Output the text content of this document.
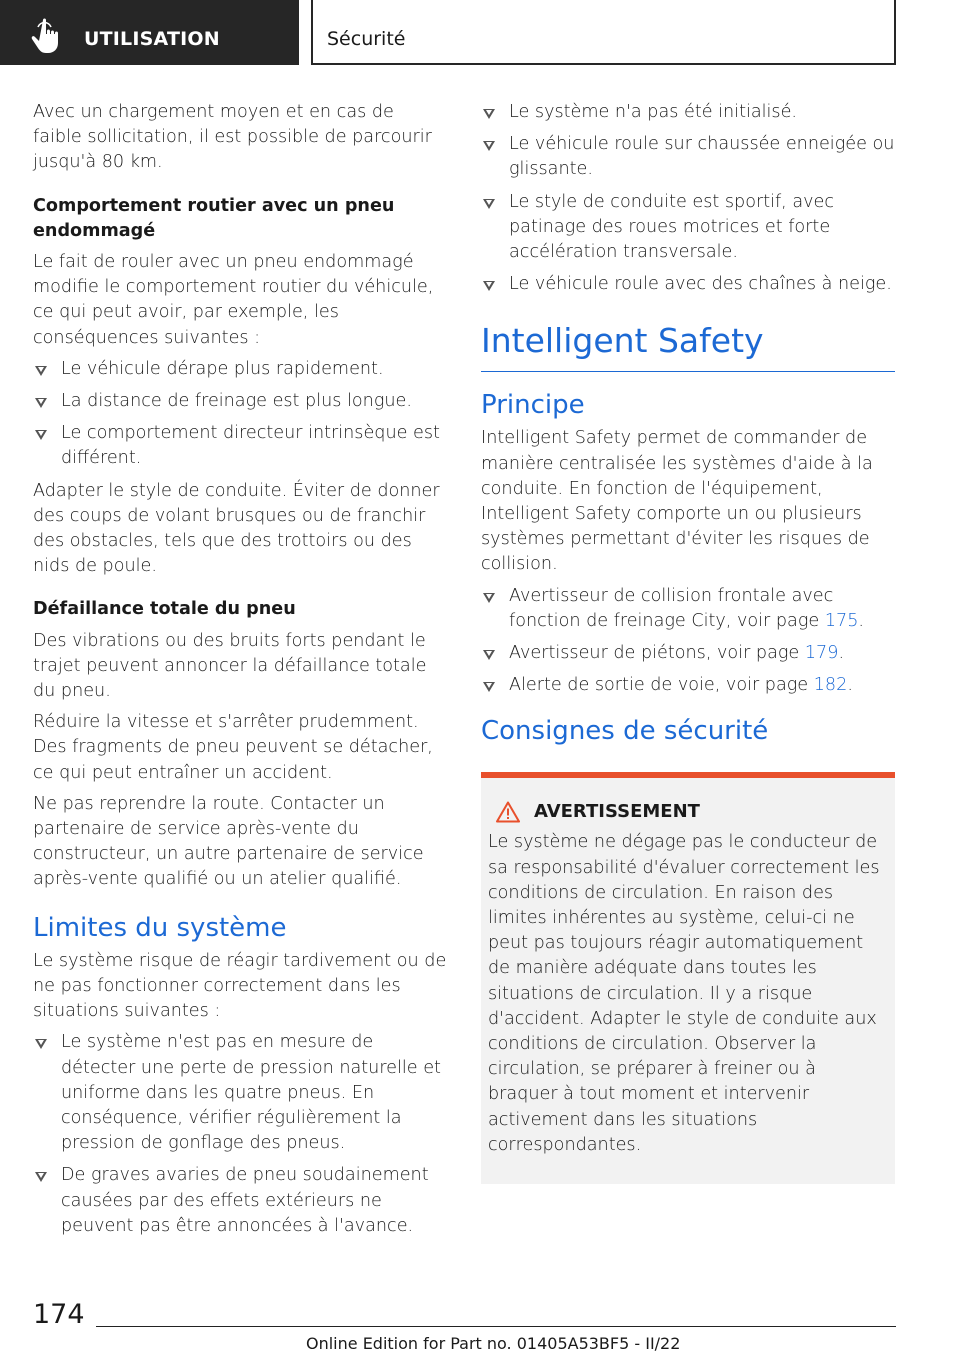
UTILISATION	Sécurité

Avec un chargement moyen et en cas de faible sollicitation, il est possible de parcourir jusqu'à 80 km.

Comportement routier avec un pneu endommagé

Le fait de rouler avec un pneu endommagé modifie le comportement routier du véhicule, ce qui peut avoir, par exemple, les conséquences suivantes :

Le véhicule dérape plus rapidement.
La distance de freinage est plus longue.
Le comportement directeur intrinsèque est différent.

Adapter le style de conduite. Éviter de donner des coups de volant brusques ou de franchir des obstacles, tels que des trottoirs ou des nids de poule.

Défaillance totale du pneu

Des vibrations ou des bruits forts pendant le trajet peuvent annoncer la défaillance totale du pneu.

Réduire la vitesse et s'arrêter prudemment. Des fragments de pneu peuvent se détacher, ce qui peut entraîner un accident.

Ne pas reprendre la route. Contacter un partenaire de service après-vente du constructeur, un autre partenaire de service après-vente qualifié ou un atelier qualifié.

Limites du système

Le système risque de réagir tardivement ou de ne pas fonctionner correctement dans les situations suivantes :

Le système n'est pas en mesure de détecter une perte de pression naturelle et uniforme dans les quatre pneus. En conséquence, vérifier régulièrement la pression de gonflage des pneus.
De graves avaries de pneu soudainement causées par des effets extérieurs ne peuvent pas être annoncées à l'avance.
Le système n'a pas été initialisé.
Le véhicule roule sur chaussée enneigée ou glissante.
Le style de conduite est sportif, avec patinage des roues motrices et forte accélération transversale.
Le véhicule roule avec des chaînes à neige.
Intelligent Safety
Principe

Intelligent Safety permet de commander de manière centralisée les systèmes d'aide à la conduite. En fonction de l'équipement, Intelligent Safety comporte un ou plusieurs systèmes permettant d'éviter les risques de collision.

Avertisseur de collision frontale avec fonction de freinage City, voir page 175.
Avertisseur de piétons, voir page 179.
Alerte de sortie de voie, voir page 182.
Consignes de sécurité
AVERTISSEMENT

Le système ne dégage pas le conducteur de sa responsabilité d'évaluer correctement les conditions de circulation. En raison des limites inhérentes au système, celui-ci ne peut pas toujours réagir automatiquement de manière adéquate dans toutes les situations de circulation. Il y a risque d'accident. Adapter le style de conduite aux conditions de circulation. Observer la circulation, se préparer à freiner ou à braquer à tout moment et intervenir activement dans les situations correspondantes.

174
Online Edition for Part no. 01405A53BF5 - II/22
